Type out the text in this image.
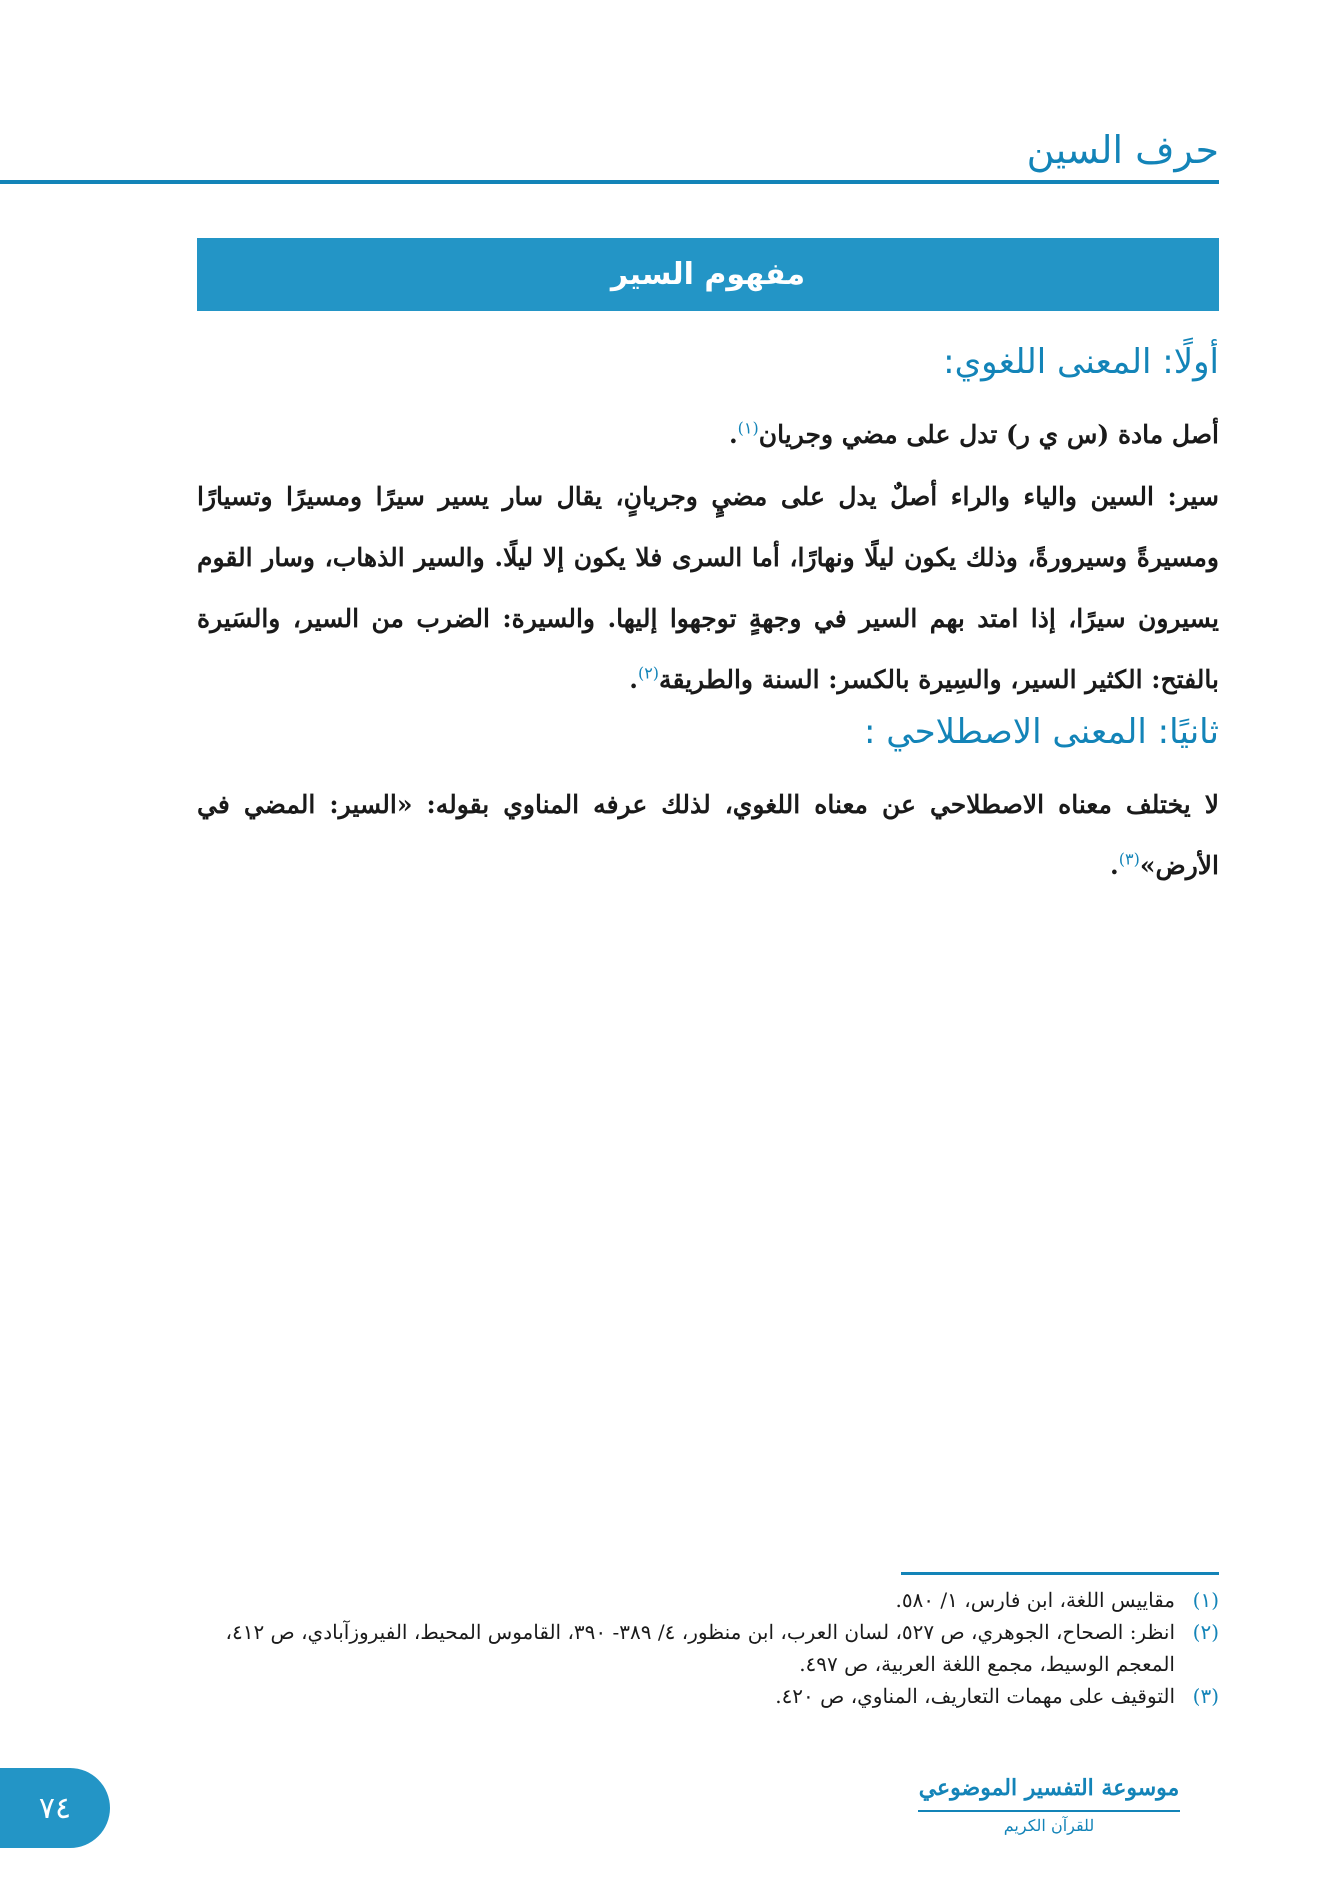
حرف السين
مفهوم السير
أولًا: المعنى اللغوي:
أصل مادة (س ي ر) تدل على مضي وجريان$^{(١)}$.
سير: السين والياء والراء أصلٌ يدل على مضيٍ وجريانٍ، يقال سار يسير سيرًا ومسيرًا وتسيارًا ومسيرةً وسيرورةً، وذلك يكون ليلًا ونهارًا، أما السرى فلا يكون إلا ليلًا. والسير الذهاب، وسار القوم يسيرون سيرًا، إذا امتد بهم السير في وجهةٍ توجهوا إليها. والسيرة: الضرب من السير، والسَيرة بالفتح: الكثير السير، والسِيرة بالكسر: السنة والطريقة$^{(٢)}$.
ثانيًا: المعنى الاصطلاحي :
لا يختلف معناه الاصطلاحي عن معناه اللغوي، لذلك عرفه المناوي بقوله: «السير: المضي في الأرض»$^{(٣)}$.
(١)
مقاييس اللغة، ابن فارس، ١/ ٥٨٠.
(٢)
انظر: الصحاح، الجوهري، ص ٥٢٧، لسان العرب، ابن منظور، ٤/ ٣٨٩- ٣٩٠، القاموس المحيط، الفيروزآبادي، ص ٤١٢، المعجم الوسيط، مجمع اللغة العربية، ص ٤٩٧.
(٣)
التوقيف على مهمات التعاريف، المناوي، ص ٤٢٠.
موسوعة التفسير الموضوعي
للقرآن الكريم
٧٤
